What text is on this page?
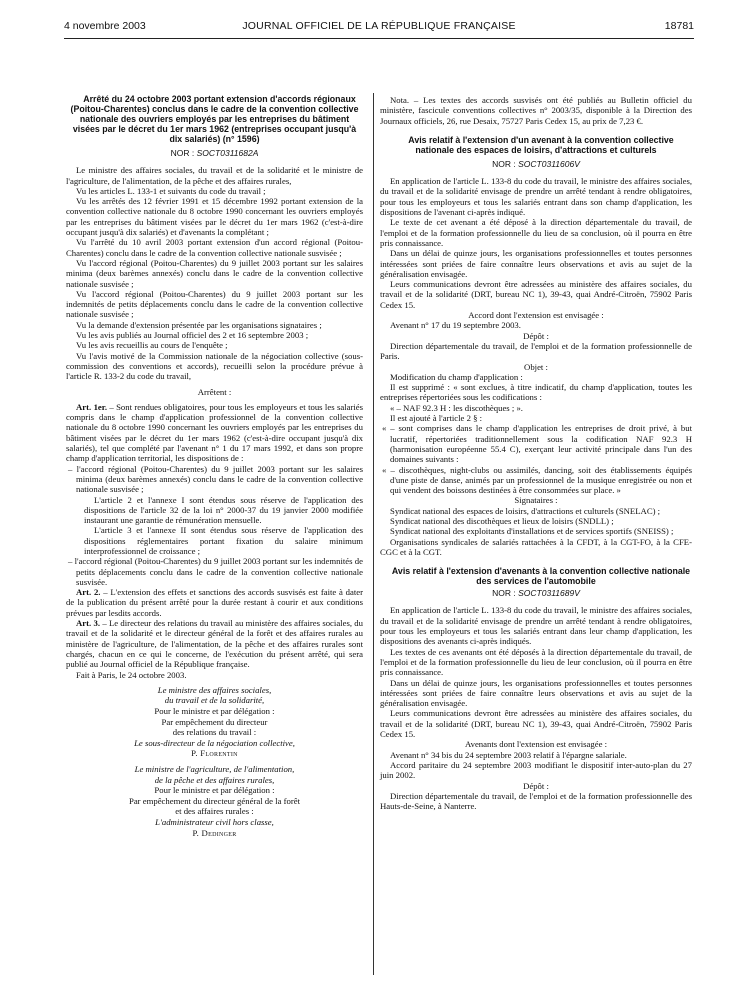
4 novembre 2003	JOURNAL OFFICIEL DE LA RÉPUBLIQUE FRANÇAISE	18781

Arrêté du 24 octobre 2003 portant extension d'accords régionaux (Poitou-Charentes) conclus dans le cadre de la convention collective nationale des ouvriers employés par les entreprises du bâtiment visées par le décret du 1er mars 1962 (entreprises occupant jusqu'à dix salariés) (n° 1596)

NOR : SOCT0311682A

Le ministre des affaires sociales, du travail et de la solidarité et le ministre de l'agriculture, de l'alimentation, de la pêche et des affaires rurales,

Vu les articles L. 133-1 et suivants du code du travail ;

Vu les arrêtés des 12 février 1991 et 15 décembre 1992 portant extension de la convention collective nationale du 8 octobre 1990 concernant les ouvriers employés par les entreprises du bâtiment visées par le décret du 1er mars 1962 (c'est-à-dire occupant jusqu'à dix salariés) et d'avenants la complétant ;

Vu l'arrêté du 10 avril 2003 portant extension d'un accord régional (Poitou-Charentes) conclu dans le cadre de la convention collective nationale susvisée ;

Vu l'accord régional (Poitou-Charentes) du 9 juillet 2003 portant sur les salaires minima (deux barèmes annexés) conclu dans le cadre de la convention collective nationale susvisée ;

Vu l'accord régional (Poitou-Charentes) du 9 juillet 2003 portant sur les indemnités de petits déplacements conclu dans le cadre de la convention collective nationale susvisée ;

Vu la demande d'extension présentée par les organisations signataires ;

Vu les avis publiés au Journal officiel des 2 et 16 septembre 2003 ;

Vu les avis recueillis au cours de l'enquête ;

Vu l'avis motivé de la Commission nationale de la négociation collective (sous-commission des conventions et accords), recueilli selon la procédure prévue à l'article R. 133-2 du code du travail,

Arrêtent :

Art. 1er. – Sont rendues obligatoires, pour tous les employeurs et tous les salariés compris dans le champ d'application professionnel de la convention collective nationale du 8 octobre 1990 concernant les ouvriers employés par les entreprises du bâtiment visées par le décret du 1er mars 1962 (c'est-à-dire occupant jusqu'à dix salariés), tel que complété par l'avenant n° 1 du 17 mars 1992, et dans son propre champ d'application territorial, les dispositions de :

– l'accord régional (Poitou-Charentes) du 9 juillet 2003 portant sur les salaires minima (deux barèmes annexés) conclu dans le cadre de la convention collective nationale susvisée ;

L'article 2 et l'annexe I sont étendus sous réserve de l'application des dispositions de l'article 32 de la loi n° 2000-37 du 19 janvier 2000 modifiée instaurant une garantie de rémunération mensuelle.

L'article 3 et l'annexe II sont étendus sous réserve de l'application des dispositions réglementaires portant fixation du salaire minimum interprofessionnel de croissance ;

– l'accord régional (Poitou-Charentes) du 9 juillet 2003 portant sur les indemnités de petits déplacements conclu dans le cadre de la convention collective nationale susvisée.

Art. 2. – L'extension des effets et sanctions des accords susvisés est faite à dater de la publication du présent arrêté pour la durée restant à courir et aux conditions prévues par lesdits accords.

Art. 3. – Le directeur des relations du travail au ministère des affaires sociales, du travail et de la solidarité et le directeur général de la forêt et des affaires rurales au ministère de l'agriculture, de l'alimentation, de la pêche et des affaires rurales sont chargés, chacun en ce qui le concerne, de l'exécution du présent arrêté, qui sera publié au Journal officiel de la République française.

Fait à Paris, le 24 octobre 2003.

Le ministre des affaires sociales,
du travail et de la solidarité,
Pour le ministre et par délégation :
Par empêchement du directeur
des relations du travail :
Le sous-directeur de la négociation collective,
P. Florentin
Le ministre de l'agriculture, de l'alimentation,
de la pêche et des affaires rurales,
Pour le ministre et par délégation :
Par empêchement du directeur général de la forêt
et des affaires rurales :
L'administrateur civil hors classe,
P. Dedinger

Nota. – Les textes des accords susvisés ont été publiés au Bulletin officiel du ministère, fascicule conventions collectives n° 2003/35, disponible à la Direction des Journaux officiels, 26, rue Desaix, 75727 Paris Cedex 15, au prix de 7,23 €.

Avis relatif à l'extension d'un avenant à la convention collective nationale des espaces de loisirs, d'attractions et culturels

NOR : SOCT0311606V

En application de l'article L. 133-8 du code du travail, le ministre des affaires sociales, du travail et de la solidarité envisage de prendre un arrêté tendant à rendre obligatoires, pour tous les employeurs et tous les salariés entrant dans son champ d'application, les dispositions de l'avenant ci-après indiqué.

Le texte de cet avenant a été déposé à la direction départementale du travail, de l'emploi et de la formation professionnelle du lieu de sa conclusion, où il pourra en être pris connaissance.

Dans un délai de quinze jours, les organisations professionnelles et toutes personnes intéressées sont priées de faire connaître leurs observations et avis au sujet de la généralisation envisagée.

Leurs communications devront être adressées au ministère des affaires sociales, du travail et de la solidarité (DRT, bureau NC 1), 39-43, quai André-Citroën, 75902 Paris Cedex 15.

Accord dont l'extension est envisagée :

Avenant n° 17 du 19 septembre 2003.

Dépôt :

Direction départementale du travail, de l'emploi et de la formation professionnelle de Paris.

Objet :

Modification du champ d'application :

Il est supprimé : « sont exclues, à titre indicatif, du champ d'application, toutes les entreprises répertoriées sous les codifications :

« – NAF 92.3 H : les discothèques ; ».

Il est ajouté à l'article 2 § :

« – sont comprises dans le champ d'application les entreprises de droit privé, à but lucratif, répertoriées traditionnellement sous la codification NAF 92.3 H (harmonisation européenne 55.4 C), exerçant leur activité principale dans l'un des domaines suivants :

« – discothèques, night-clubs ou assimilés, dancing, soit des établissements équipés d'une piste de danse, animés par un professionnel de la musique enregistrée ou non et qui vendent des boissons destinées à être consommées sur place. »

Signataires :

Syndicat national des espaces de loisirs, d'attractions et culturels (SNELAC) ;

Syndicat national des discothèques et lieux de loisirs (SNDLL) ;

Syndicat national des exploitants d'installations et de services sportifs (SNEISS) ;

Organisations syndicales de salariés rattachées à la CFDT, à la CGT-FO, à la CFE-CGC et à la CGT.

Avis relatif à l'extension d'avenants à la convention collective nationale des services de l'automobile

NOR : SOCT0311689V

En application de l'article L. 133-8 du code du travail, le ministre des affaires sociales, du travail et de la solidarité envisage de prendre un arrêté tendant à rendre obligatoires, pour tous les employeurs et tous les salariés entrant dans leur champ d'application, les dispositions des avenants ci-après indiqués.

Les textes de ces avenants ont été déposés à la direction départementale du travail, de l'emploi et de la formation professionnelle du lieu de leur conclusion, où il pourra en être pris connaissance.

Dans un délai de quinze jours, les organisations professionnelles et toutes personnes intéressées sont priées de faire connaître leurs observations et avis au sujet de la généralisation envisagée.

Leurs communications devront être adressées au ministère des affaires sociales, du travail et de la solidarité (DRT, bureau NC 1), 39-43, quai André-Citroën, 75902 Paris Cedex 15.

Avenants dont l'extension est envisagée :

Avenant n° 34 bis du 24 septembre 2003 relatif à l'épargne salariale.

Accord paritaire du 24 septembre 2003 modifiant le dispositif inter-auto-plan du 27 juin 2002.

Dépôt :

Direction départementale du travail, de l'emploi et de la formation professionnelle des Hauts-de-Seine, à Nanterre.
